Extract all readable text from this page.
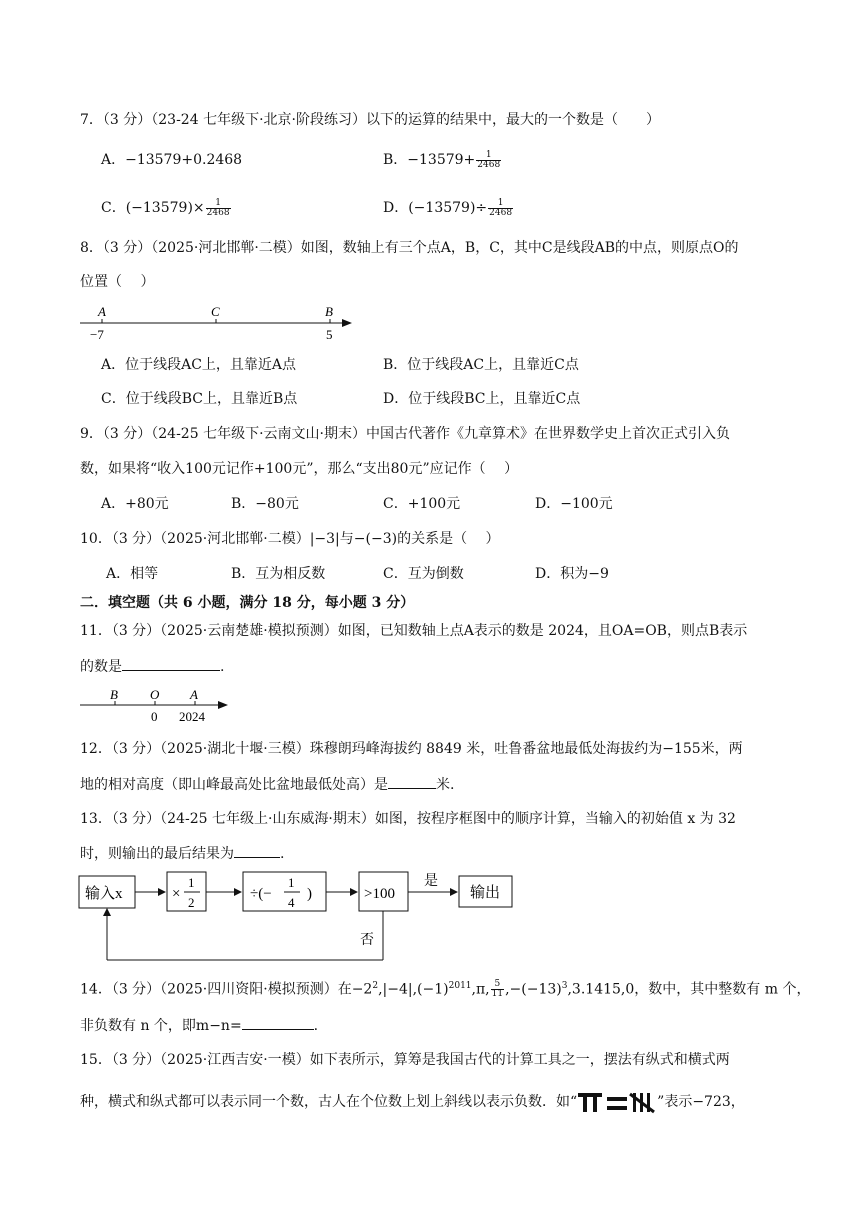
7．（3 分）（23-24 七年级下·北京·阶段练习）以下的运算的结果中，最大的一个数是（　　）
A．−13579+0.2468	B．$-13579+ \frac{1}{2468}$
C．$(-13579)\times \frac{1}{2468}$	D．$(-13579)\div \frac{1}{2468}$
8．（3 分）（2025·河北邯郸·二模）如图，数轴上有三个点A，B，C，其中C是线段AB的中点，则原点O的
位置（　 ）
A	C	B
−7	5
A．位于线段AC上，且靠近A点	B．位于线段AC上，且靠近C点
C．位于线段BC上，且靠近B点	D．位于线段BC上，且靠近C点
9．（3 分）（24-25 七年级下·云南文山·期末）中国古代著作《九章算术》在世界数学史上首次正式引入负
数，如果将“收入100元记作+100元”，那么“支出80元”应记作（　 ）
A．+80元	B．−80元	C．+100元	D．−100元
10．（3 分）（2025·河北邯郸·二模）|−3|与−(−3)的关系是（　 ）
A．相等	B．互为相反数	C．互为倒数	D．积为−9
二．填空题（共 6 小题，满分 18 分，每小题 3 分）
11．（3 分）（2025·云南楚雄·模拟预测）如图，已知数轴上点A表示的数是 2024，且OA=OB，则点B表示
的数是	.
B O A
0 2024
12．（3 分）（2025·湖北十堰·三模）珠穆朗玛峰海拔约 8849 米，吐鲁番盆地最低处海拔约为−155米，两
地的相对高度（即山峰最高处比盆地最低处高）是	米.
13．（3 分）（24-25 七年级上·山东威海·期末）如图，按程序框图中的顺序计算，当输入的初始值 x 为 32
时，则输出的最后结果为	.
输入x	×
1
2
÷(−
1
4
)	>100
是
输出
否
14．（3 分）（2025·四川资阳·模拟预测）在$-2^2,|-4|,(-1)^{2011},\pi$, $\frac{5}{11} ,-(-13)^3,3.1415,0$，数中，其中整数有 m 个，
非负数有 n 个，即m−n=	.
15．（3 分）（2025·江西吉安·一模）如下表所示，算筹是我国古代的计算工具之一，摆法有纵式和横式两
种，横式和纵式都可以表示同一个数，古人在个位数上划上斜线以表示负数．如“	”表示−723，
